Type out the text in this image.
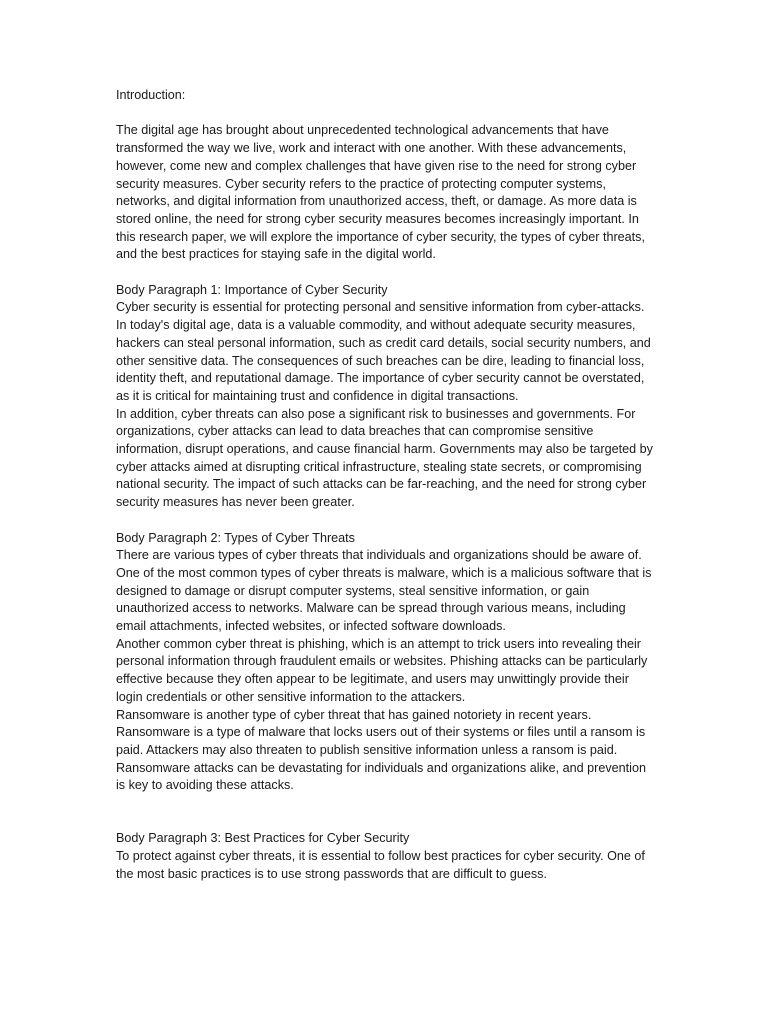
Introduction:

The digital age has brought about unprecedented technological advancements that have transformed the way we live, work and interact with one another. With these advancements, however, come new and complex challenges that have given rise to the need for strong cyber security measures. Cyber security refers to the practice of protecting computer systems, networks, and digital information from unauthorized access, theft, or damage. As more data is stored online, the need for strong cyber security measures becomes increasingly important. In this research paper, we will explore the importance of cyber security, the types of cyber threats, and the best practices for staying safe in the digital world.

Body Paragraph 1: Importance of Cyber Security

Cyber security is essential for protecting personal and sensitive information from cyber-attacks. In today's digital age, data is a valuable commodity, and without adequate security measures, hackers can steal personal information, such as credit card details, social security numbers, and other sensitive data. The consequences of such breaches can be dire, leading to financial loss, identity theft, and reputational damage. The importance of cyber security cannot be overstated, as it is critical for maintaining trust and confidence in digital transactions.

In addition, cyber threats can also pose a significant risk to businesses and governments. For organizations, cyber attacks can lead to data breaches that can compromise sensitive information, disrupt operations, and cause financial harm. Governments may also be targeted by cyber attacks aimed at disrupting critical infrastructure, stealing state secrets, or compromising national security. The impact of such attacks can be far-reaching, and the need for strong cyber security measures has never been greater.

Body Paragraph 2: Types of Cyber Threats

There are various types of cyber threats that individuals and organizations should be aware of. One of the most common types of cyber threats is malware, which is a malicious software that is designed to damage or disrupt computer systems, steal sensitive information, or gain unauthorized access to networks. Malware can be spread through various means, including email attachments, infected websites, or infected software downloads.

Another common cyber threat is phishing, which is an attempt to trick users into revealing their personal information through fraudulent emails or websites. Phishing attacks can be particularly effective because they often appear to be legitimate, and users may unwittingly provide their login credentials or other sensitive information to the attackers.

Ransomware is another type of cyber threat that has gained notoriety in recent years. Ransomware is a type of malware that locks users out of their systems or files until a ransom is paid. Attackers may also threaten to publish sensitive information unless a ransom is paid. Ransomware attacks can be devastating for individuals and organizations alike, and prevention is key to avoiding these attacks.

Body Paragraph 3: Best Practices for Cyber Security

To protect against cyber threats, it is essential to follow best practices for cyber security. One of the most basic practices is to use strong passwords that are difficult to guess.
